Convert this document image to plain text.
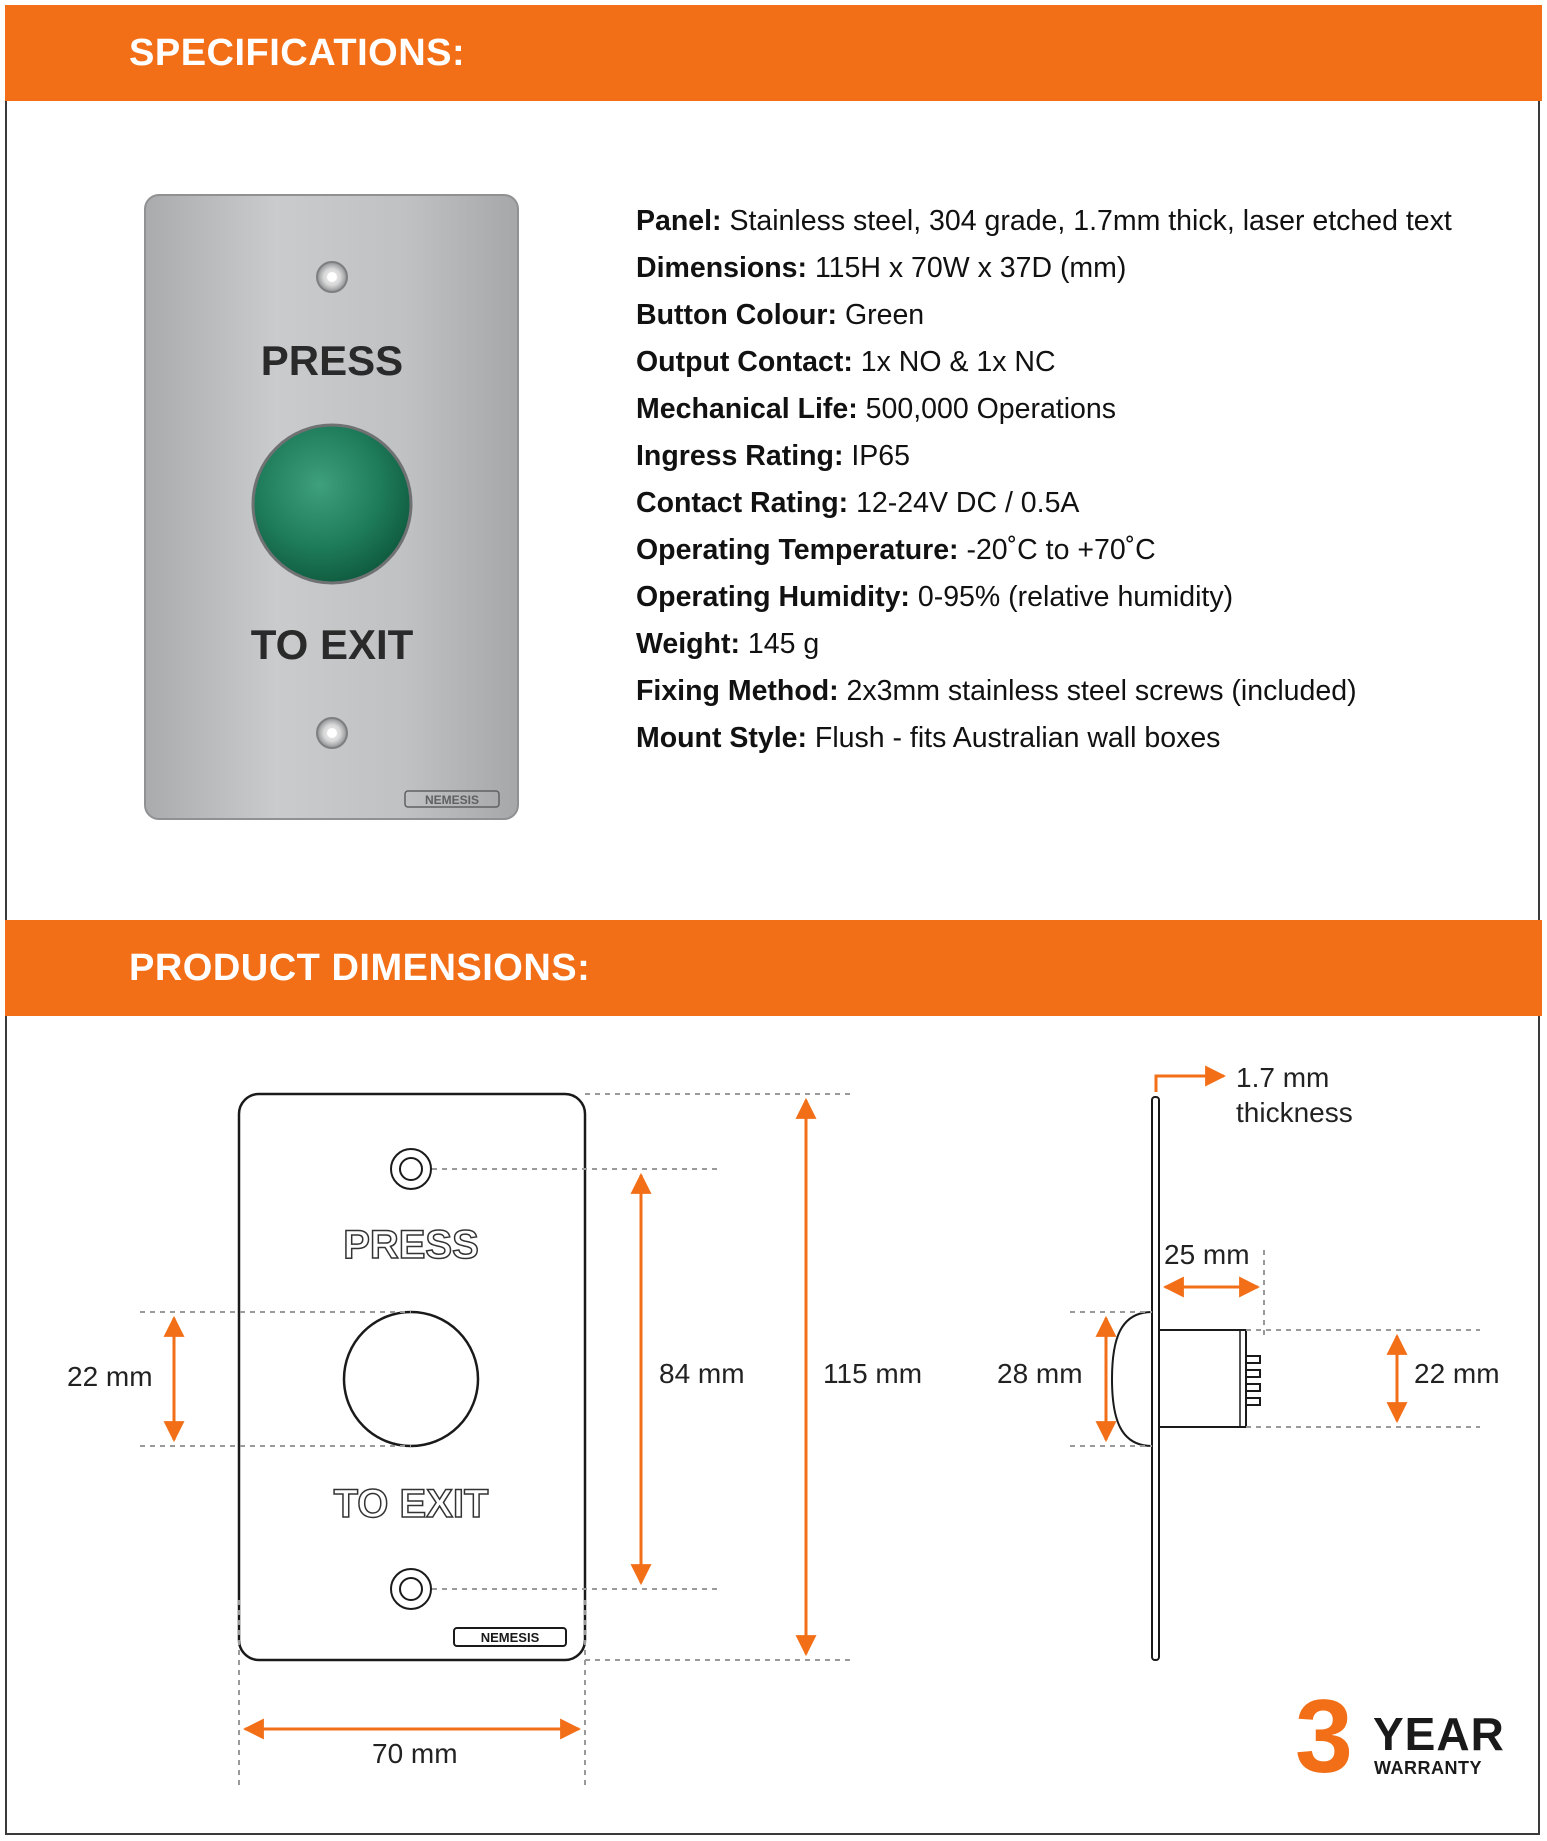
SPECIFICATIONS:
PRESS
TO EXIT
NEMESIS
Panel: Stainless steel, 304 grade, 1.7mm thick, laser etched text
Dimensions: 115H x 70W x 37D (mm)
Button Colour: Green
Output Contact: 1x NO & 1x NC
Mechanical Life: 500,000 Operations
Ingress Rating: IP65
Contact Rating: 12-24V DC / 0.5A
Operating Temperature: -20˚C to +70˚C
Operating Humidity: 0-95% (relative humidity)
Weight: 145 g
Fixing Method: 2x3mm stainless steel screws (included)
Mount Style: Flush - fits Australian wall boxes
PRODUCT DIMENSIONS:
PRESS
TO EXIT
NEMESIS
22 mm	84 mm	115 mm
70 mm
1.7 mm
thickness
25 mm
28 mm	22 mm
3 YEAR
WARRANTY
